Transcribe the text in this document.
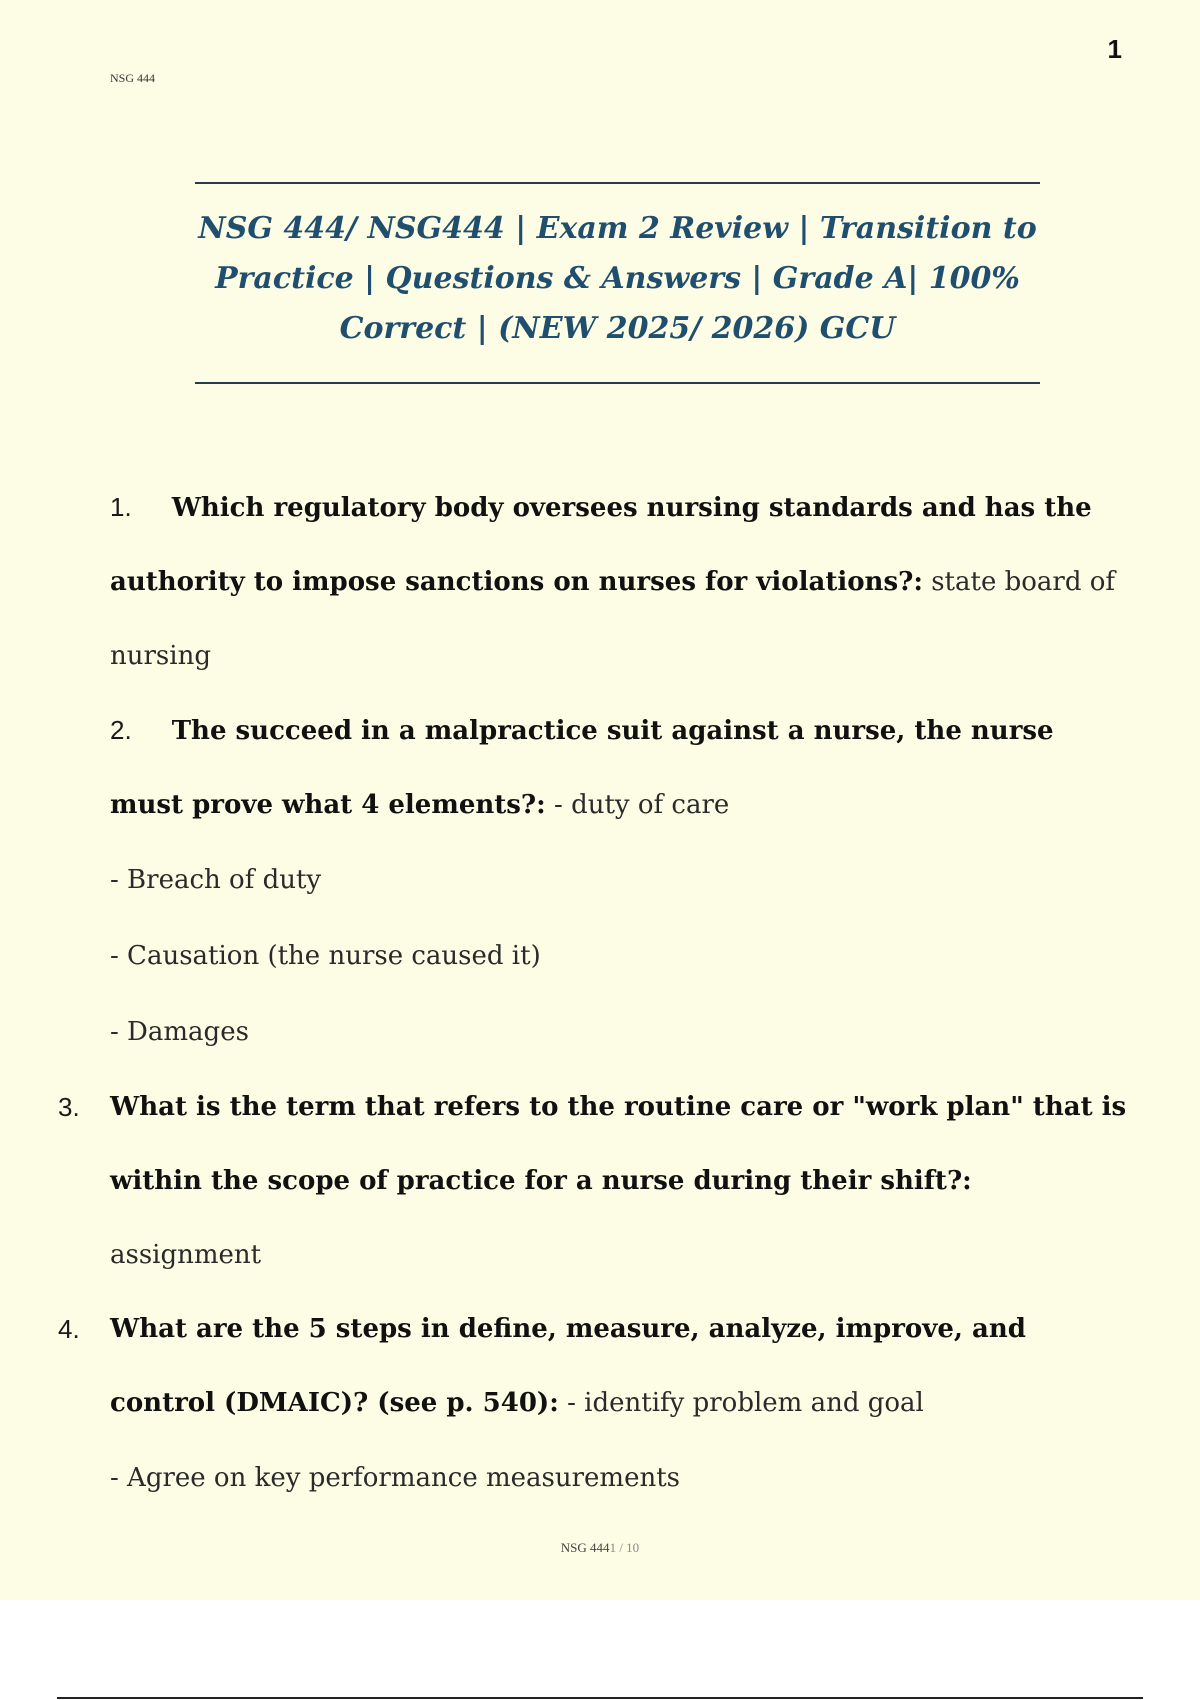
1
NSG 444

NSG 444/ NSG444 | Exam 2 Review | Transition to Practice | Questions & Answers | Grade A| 100% Correct | (NEW 2025/ 2026) GCU

1. Which regulatory body oversees nursing standards and has the authority to impose sanctions on nurses for violations?: state board of nursing
2. The succeed in a malpractice suit against a nurse, the nurse must prove what 4 elements?: - duty of care
- Breach of duty
- Causation (the nurse caused it)
- Damages
3. What is the term that refers to the routine care or "work plan" that is within the scope of practice for a nurse during their shift?: assignment
4. What are the 5 steps in define, measure, analyze, improve, and control (DMAIC)? (see p. 540): - identify problem and goal
- Agree on key performance measurements
NSG 4441 / 10
